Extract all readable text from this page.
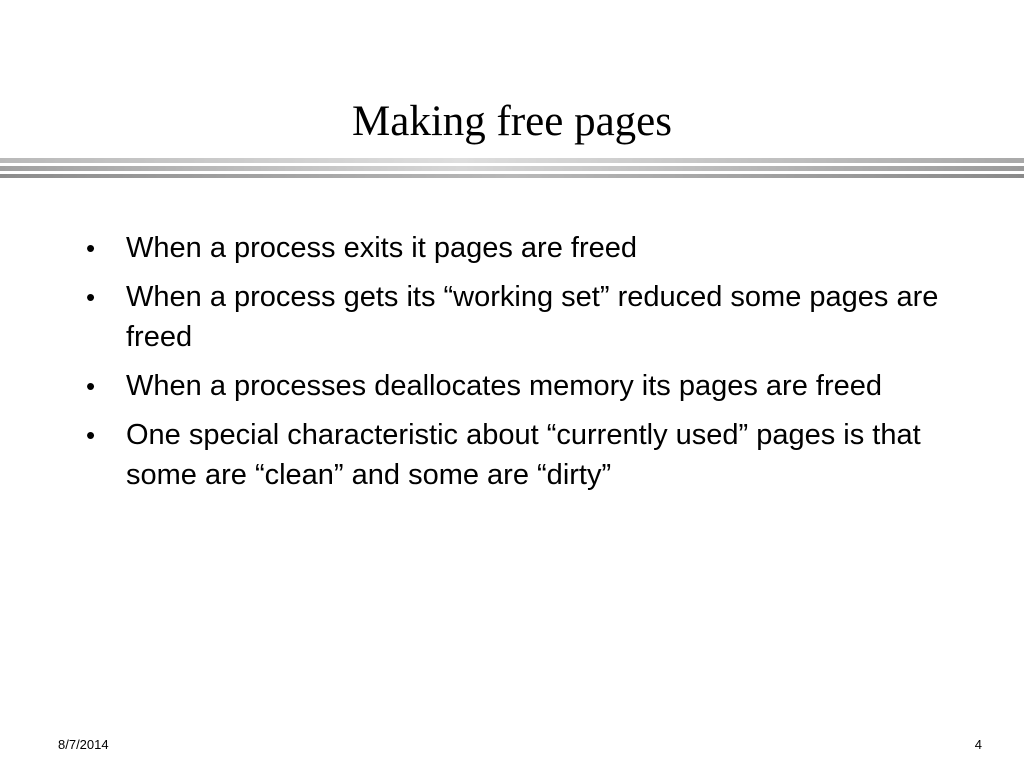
Making free pages
• When a process exits it pages are freed
• When a process gets its “working set” reduced some pages are freed
• When a processes deallocates memory its pages are freed
• One special characteristic about “currently used” pages is that some are “clean” and some are “dirty”
8/7/2014	4
